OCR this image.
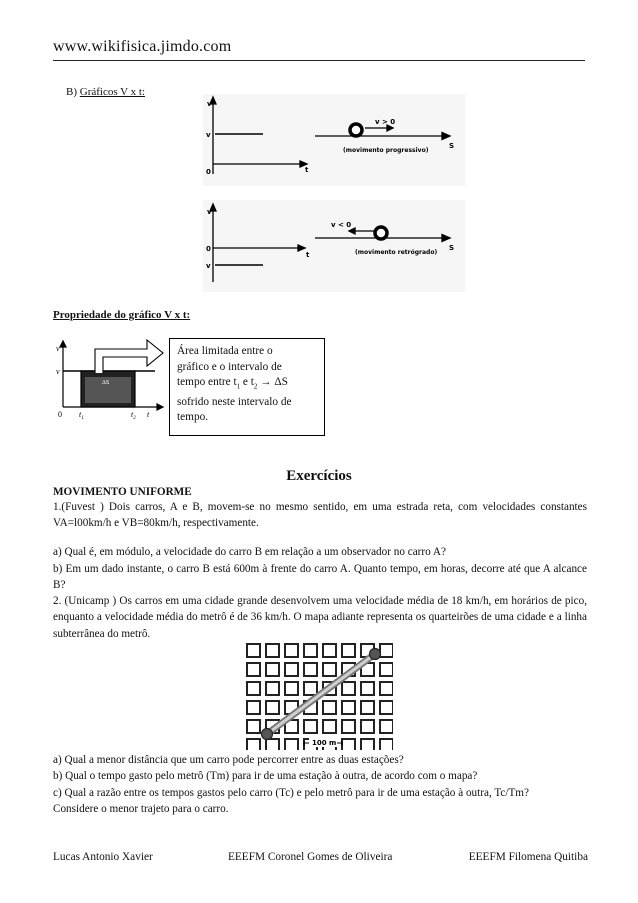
www.wikifisica.jimdo.com
B) Gráficos V x t:
v
v
0	t
v > 0
S
(movimento progressivo)
v
0
v
t
v < 0
S
(movimento retrógrado)
Propriedade do gráfico V x t:
v
v
0 $t_1$	$t_2$ t
ΔS
Área limitada entre o
gráfico e o intervalo de
tempo entre $t_1$ e $t_2 \to \Delta S$
sofrido neste intervalo de
tempo.
Exercícios
MOVIMENTO UNIFORME
1.(Fuvest ) Dois carros, A e B, movem-se no mesmo sentido, em uma estrada reta, com velocidades constantes VA=l00km/h e VB=80km/h, respectivamente.
a) Qual é, em módulo, a velocidade do carro B em relação a um observador no carro A?
b) Em um dado instante, o carro B está 600m à frente do carro A. Quanto tempo, em horas, decorre até que A alcance B?
2. (Unicamp ) Os carros em uma cidade grande desenvolvem uma velocidade média de 18 km/h, em horários de pico, enquanto a velocidade média do metrô é de 36 km/h. O mapa adiante representa os quarteirões de uma cidade e a linha subterrânea do metrô.
100 m
a) Qual a menor distância que um carro pode percorrer entre as duas estações?
b) Qual o tempo gasto pelo metrô (Tm) para ir de uma estação à outra, de acordo com o mapa?
c) Qual a razão entre os tempos gastos pelo carro (Tc) e pelo metrô para ir de uma estação à outra, Tc/Tm?
Considere o menor trajeto para o carro.
Lucas Antonio Xavier	EEEFM Coronel Gomes de Oliveira	EEEFM Filomena Quitiba
